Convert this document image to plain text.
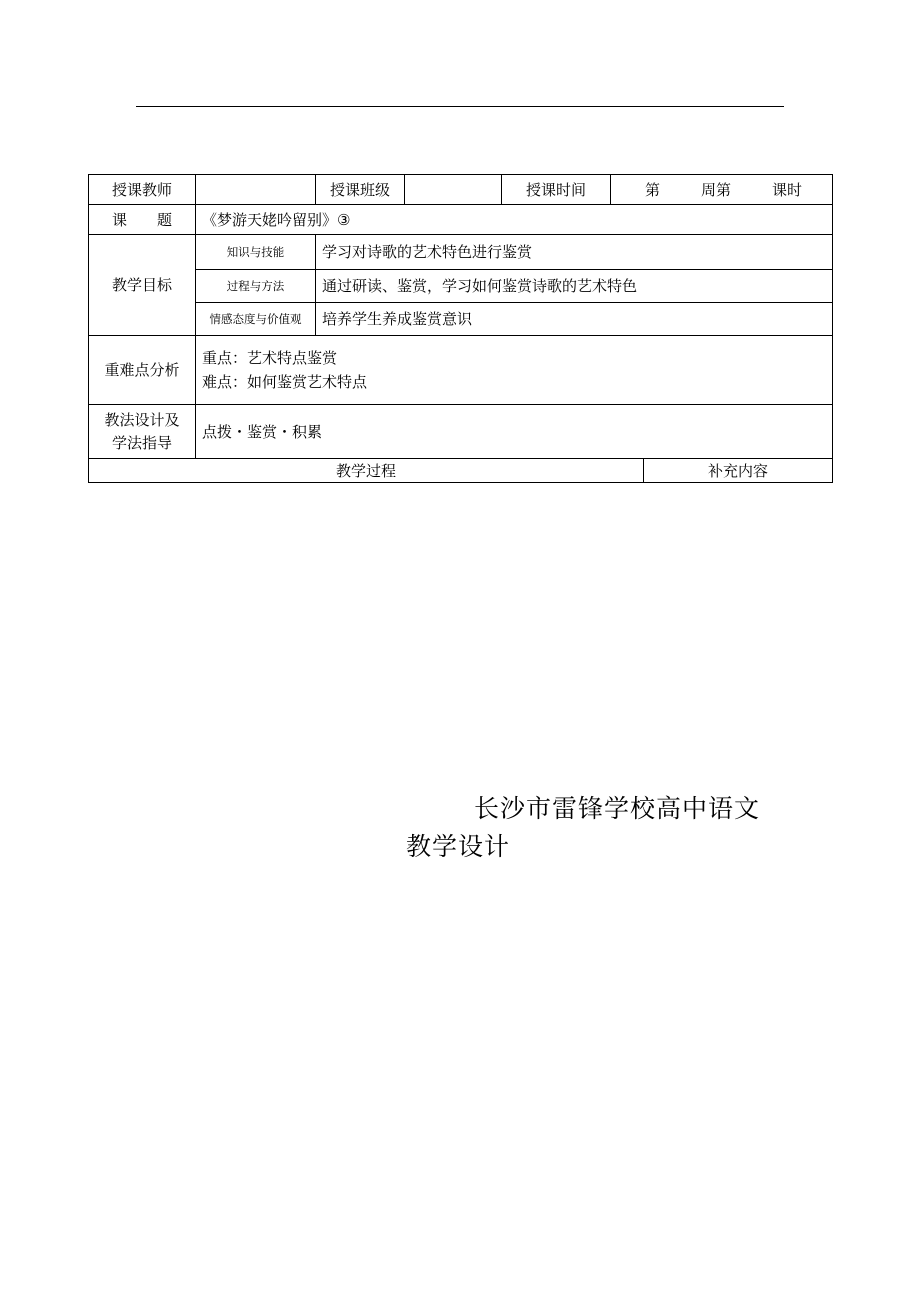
授课教师		授课班级		授课时间	第 周第 课时	

课　　题	《梦游天姥吟留别》③					
教学目标	知识与技能	学习对诗歌的艺术特色进行鉴赏				
	过程与方法	通过研读、鉴赏，学习如何鉴赏诗歌的艺术特色				
	情感态度与价值观	培养学生养成鉴赏意识				
重难点分析	重点：艺术特点鉴赏
难点：如何鉴赏艺术特点					

教法设计及
学法指导	点拨・鉴赏・积累					
教学过程						补充内容
长沙市雷锋学校高中语文
教学设计
